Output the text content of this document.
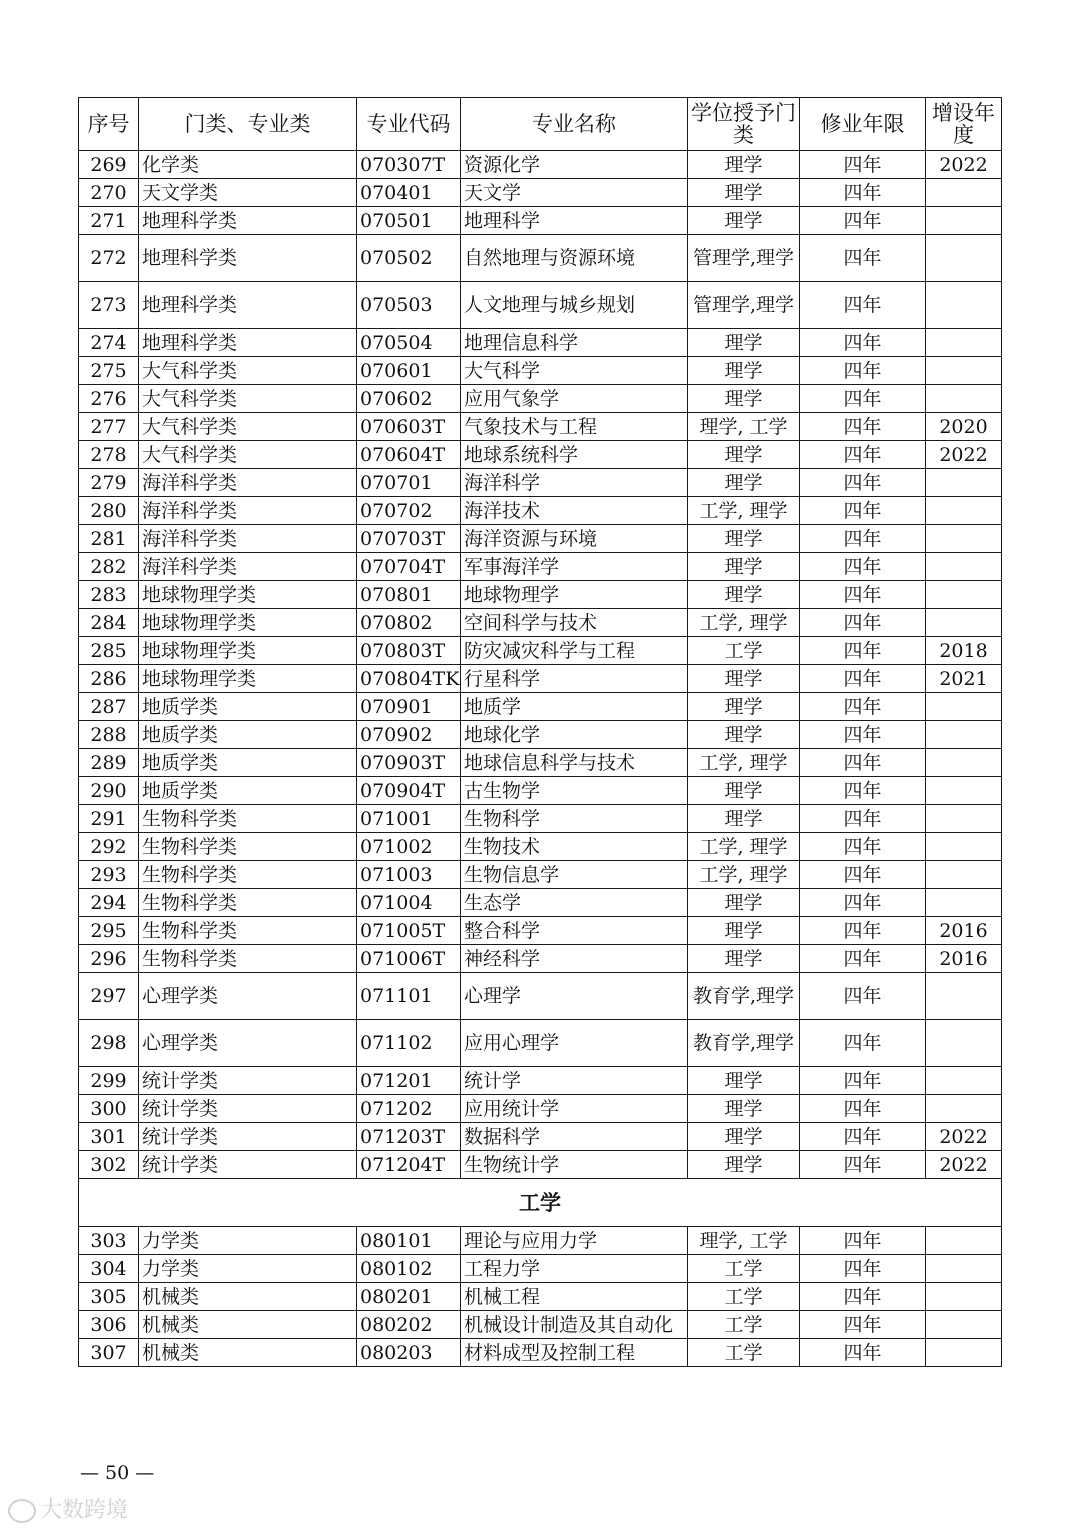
序号	门类、专业类	专业代码	专业名称	学位授予门类	修业年限	增设年度
269	化学类	070307T	资源化学	理学	四年	2022
270	天文学类	070401	天文学	理学	四年	
271	地理科学类	070501	地理科学	理学	四年	
272	地理科学类	070502	自然地理与资源环境	管理学,理学	四年	
273	地理科学类	070503	人文地理与城乡规划	管理学,理学	四年	
274	地理科学类	070504	地理信息科学	理学	四年	
275	大气科学类	070601	大气科学	理学	四年	
276	大气科学类	070602	应用气象学	理学	四年	
277	大气科学类	070603T	气象技术与工程	理学, 工学	四年	2020
278	大气科学类	070604T	地球系统科学	理学	四年	2022
279	海洋科学类	070701	海洋科学	理学	四年	
280	海洋科学类	070702	海洋技术	工学, 理学	四年	
281	海洋科学类	070703T	海洋资源与环境	理学	四年	
282	海洋科学类	070704T	军事海洋学	理学	四年	
283	地球物理学类	070801	地球物理学	理学	四年	
284	地球物理学类	070802	空间科学与技术	工学, 理学	四年	
285	地球物理学类	070803T	防灾减灾科学与工程	工学	四年	2018
286	地球物理学类	070804TK	行星科学	理学	四年	2021
287	地质学类	070901	地质学	理学	四年	
288	地质学类	070902	地球化学	理学	四年	
289	地质学类	070903T	地球信息科学与技术	工学, 理学	四年	
290	地质学类	070904T	古生物学	理学	四年	
291	生物科学类	071001	生物科学	理学	四年	
292	生物科学类	071002	生物技术	工学, 理学	四年	
293	生物科学类	071003	生物信息学	工学, 理学	四年	
294	生物科学类	071004	生态学	理学	四年	
295	生物科学类	071005T	整合科学	理学	四年	2016
296	生物科学类	071006T	神经科学	理学	四年	2016
297	心理学类	071101	心理学	教育学,理学	四年	
298	心理学类	071102	应用心理学	教育学,理学	四年	
299	统计学类	071201	统计学	理学	四年	
300	统计学类	071202	应用统计学	理学	四年	
301	统计学类	071203T	数据科学	理学	四年	2022
302	统计学类	071204T	生物统计学	理学	四年	2022
工学						
303	力学类	080101	理论与应用力学	理学, 工学	四年	
304	力学类	080102	工程力学	工学	四年	
305	机械类	080201	机械工程	工学	四年	
306	机械类	080202	机械设计制造及其自动化	工学	四年	
307	机械类	080203	材料成型及控制工程	工学	四年	
— 50 —
大数跨境
